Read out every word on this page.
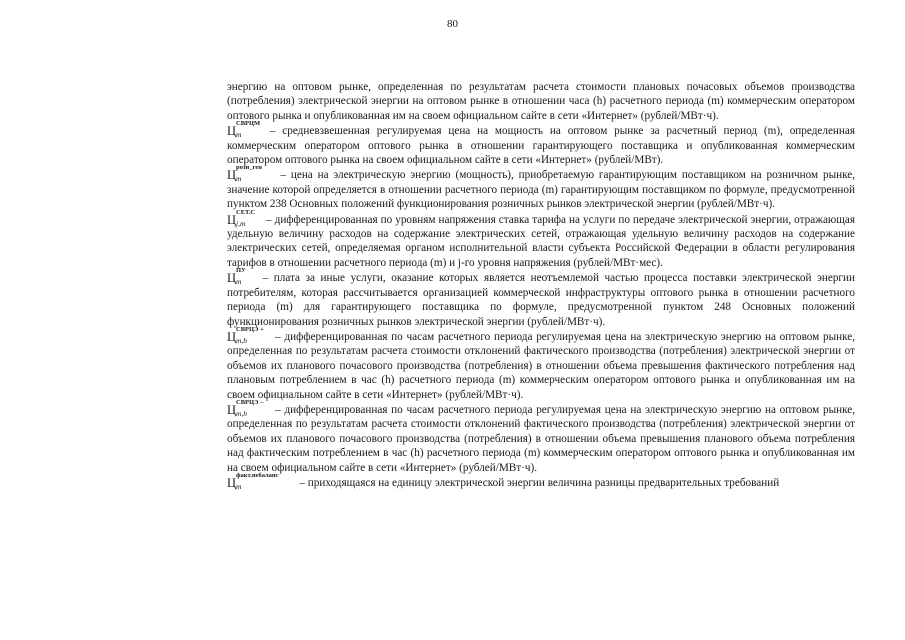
80

энергию на оптовом рынке, определенная по результатам расчета стоимости плановых почасовых объемов производства (потребления) электрической энергии на оптовом рынке в отношении часа (h) расчетного периода (m) коммерческим оператором оптового рынка и опубликованная им на своем официальном сайте в сети «Интернет» (рублей/МВт·ч).

Ц
СВРЦМ
m – средневзвешенная регулируемая цена на мощность на оптовом рынке за расчетный период (m), определенная коммерческим оператором оптового рынка в отношении гарантирующего поставщика и опубликованная коммерческим оператором оптового рынка на своем официальном сайте в сети «Интернет» (рублей/МВт).

Ц
розн_ген
m	– цена на электрическую энергию (мощность), приобретаемую гарантирующим поставщиком на розничном рынке, значение которой определяется в отношении расчетного периода (m) гарантирующим поставщиком по формуле, предусмотренной пунктом 238 Основных положений функционирования розничных рынков электрической энергии (рублей/МВт·ч).

Ц
СЕТ.С
j,m – дифференцированная по уровням напряжения ставка тарифа на услуги по передаче электрической энергии, отражающая удельную величину расходов на содержание электрических сетей, отражающая удельную величину расходов на содержание электрических сетей, определяемая органом исполнительной власти субъекта Российской Федерации в области регулирования тарифов в отношении расчетного периода (m) и j-го уровня напряжения (рублей/МВт·мес).

Ц
ПУ
m – плата за иные услуги, оказание которых является неотъемлемой частью процесса поставки электрической энергии потребителям, которая рассчитывается организацией коммерческой инфраструктуры оптового рынка в отношении расчетного периода (m) для гарантирующего поставщика по формуле, предусмотренной пунктом 248 Основных положений функционирования розничных рынков электрической энергии (рублей/МВт·ч).

Ц
СВРЦЭ +
m,h – дифференцированная по часам расчетного периода регулируемая цена на электрическую энергию на оптовом рынке, определенная по результатам расчета стоимости отклонений фактического производства (потребления) электрической энергии от объемов их планового почасового производства (потребления) в отношении объема превышения фактического потребления над плановым потреблением в час (h) расчетного периода (m) коммерческим оператором оптового рынка и опубликованная им на своем официальном сайте в сети «Интернет» (рублей/МВт·ч).

Ц
СВРЦЭ –
m,h – дифференцированная по часам расчетного периода регулируемая цена на электрическую энергию на оптовом рынке, определенная по результатам расчета стоимости отклонений фактического производства (потребления) электрической энергии от объемов их планового почасового производства (потребления) в отношении объема превышения планового объема потребления над фактическим потреблением в час (h) расчетного периода (m) коммерческим оператором оптового рынка и опубликованная им на своем официальном сайте в сети «Интернет» (рублей/МВт·ч).

Ц
факт.небаланс
m	– приходящаяся на единицу электрической энергии величина разницы предварительных требований
